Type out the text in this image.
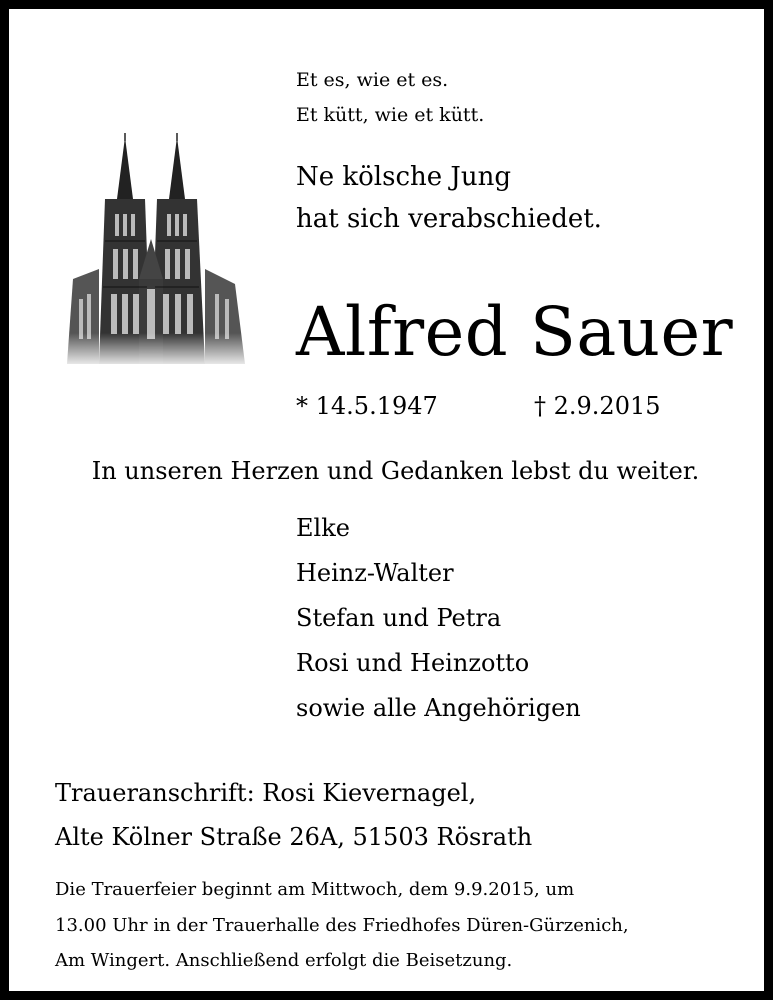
Et es, wie et es.
Et kütt, wie et kütt.
Ne kölsche Jung
hat sich verabschiedet.
Alfred Sauer
* 14.5.1947	† 2.9.2015
In unseren Herzen und Gedanken lebst du weiter.
Elke
Heinz-Walter
Stefan und Petra
Rosi und Heinzotto
sowie alle Angehörigen
Traueranschrift: Rosi Kievernagel,
Alte Kölner Straße 26A, 51503 Rösrath
Die Trauerfeier beginnt am Mittwoch, dem 9.9.2015, um
13.00 Uhr in der Trauerhalle des Friedhofes Düren-Gürzenich,
Am Wingert. Anschließend erfolgt die Beisetzung.
